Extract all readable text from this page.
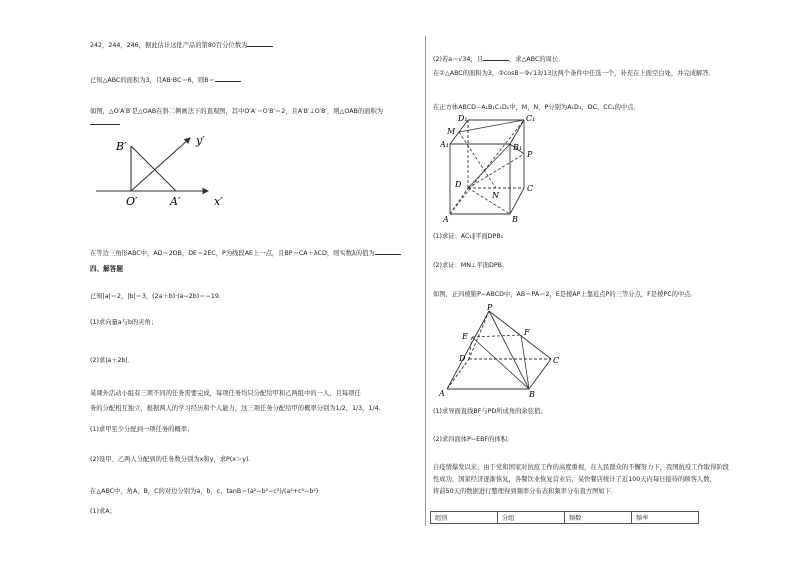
242，244，246，据此估计这批产品的第80百分位数为
已知△ABC的面积为3，且AB·BC＝6，则B＝
如图，△O′A′B′是△OAB在斜二侧画法下的直观图，其中O′A′＝O′B′＝2，且A′B′⊥O′B′，则△OAB的面积为
B′	y′
O′	A′	x′
在等边三角形ABC中，AD＝2DB，DE＝2EC，P为线段AE上一点，且BP＝CA＋λCD，则实数λ的值为
四、解答题
已知|a|＝2，|b|＝3，(2a＋b)·(a−2b)＝−19.
(1)求向量a与b的夹角；
(2)求|a＋2b|．
某课外活动小组有三项不同的任务需要完成，每项任务均只分配给甲和乙两组中的一人，且每项任
务的分配相互独立，根据两人的学习经历和个人能力，这三项任务分配给甲的概率分别为1/2，1/3，1/4.
(1)求甲至少分配到一项任务的概率；
(2)设甲、乙两人分配到的任务数分别为x和y，求P(x＞y).
在△ABC中，角A，B，C的对边分别为a，b，c，tanB＝(a²−b²−c²)/(a²+c²−b²)
(1)求A；
(2)若a＝√34，且	，求△ABC的周长．
在①△ABC的面积为3，②cosB＝9√13/13这两个条件中任选一个，补充在上面空白处，并完成解答．
在正方体ABCD−A₁B₁C₁D₁中，M，N，P分别为A₁D₁，DC，CC₁的中点．
D₁	C₁
M
A₁	B₁
P
D	C
N
A	B
(1)求证：AC₁∥平面DPB₁
(2)求证：MN⊥平面DPB．
如图，正四棱锥P−ABCD中，AB＝PA＝2，E是棱AP上靠近点P的三等分点，F是棱PC的中点．
P
F
E
D	C
A	B
(1)求异面直线BF与PD所成角的余弦值；
(2)求四面体P−EBF的体积．
自疫情爆发以来，由于党和国家对抗疫工作的高度重视，在人民群众的不懈努力下，我国抗疫工作取得阶段
性成功，国家经济逐渐恢复，各餐饮业恢复营业后，某快餐店统计了近100天内每日接待的顾客人数，
将前50天的数据进行整理得到频率分布表和频率分布直方图如下．
组别	分组	频数	频率
